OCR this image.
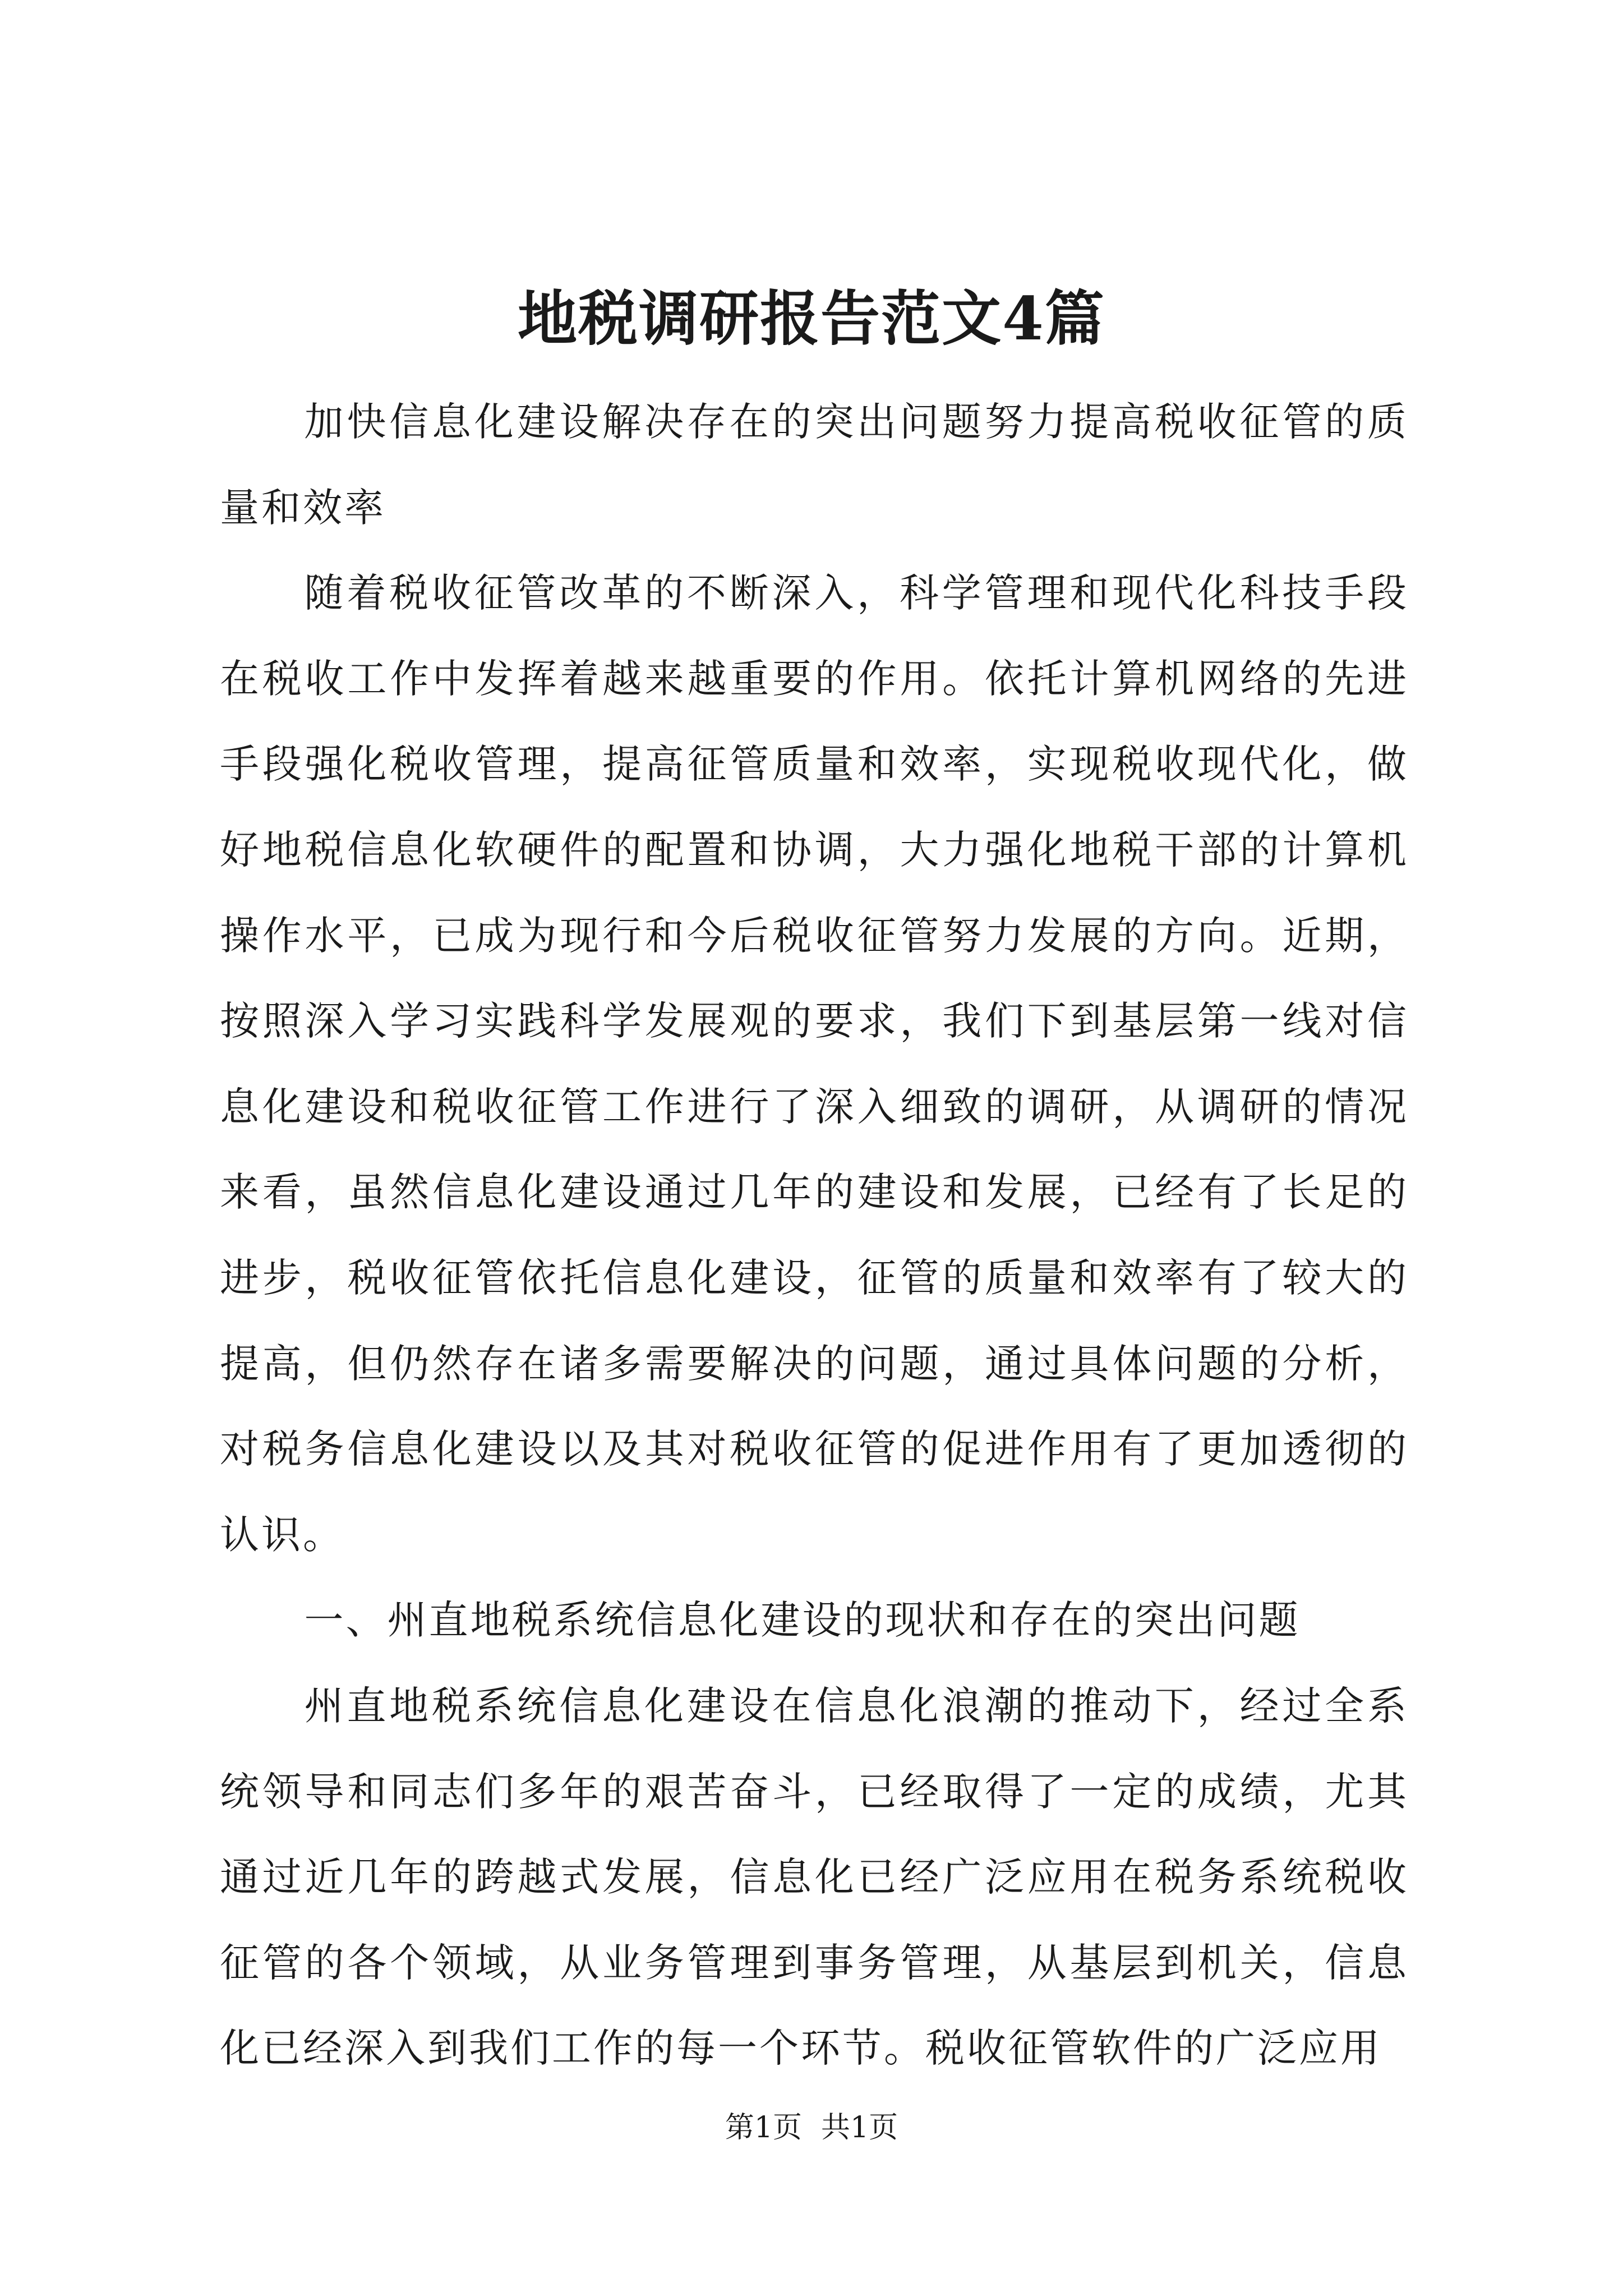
地税调研报告范文4篇

加快信息化建设解决存在的突出问题努力提高税收征管的质量和效率

随着税收征管改革的不断深入，科学管理和现代化科技手段在税收工作中发挥着越来越重要的作用。依托计算机网络的先进手段强化税收管理，提高征管质量和效率，实现税收现代化，做好地税信息化软硬件的配置和协调，大力强化地税干部的计算机操作水平，已成为现行和今后税收征管努力发展的方向。近期，按照深入学习实践科学发展观的要求，我们下到基层第一线对信息化建设和税收征管工作进行了深入细致的调研，从调研的情况来看，虽然信息化建设通过几年的建设和发展，已经有了长足的进步，税收征管依托信息化建设，征管的质量和效率有了较大的提高，但仍然存在诸多需要解决的问题，通过具体问题的分析，对税务信息化建设以及其对税收征管的促进作用有了更加透彻的认识。

一、州直地税系统信息化建设的现状和存在的突出问题

州直地税系统信息化建设在信息化浪潮的推动下，经过全系统领导和同志们多年的艰苦奋斗，已经取得了一定的成绩，尤其通过近几年的跨越式发展，信息化已经广泛应用在税务系统税收征管的各个领域，从业务管理到事务管理，从基层到机关，信息化已经深入到我们工作的每一个环节。税收征管软件的广泛应用

第1页 共1页
